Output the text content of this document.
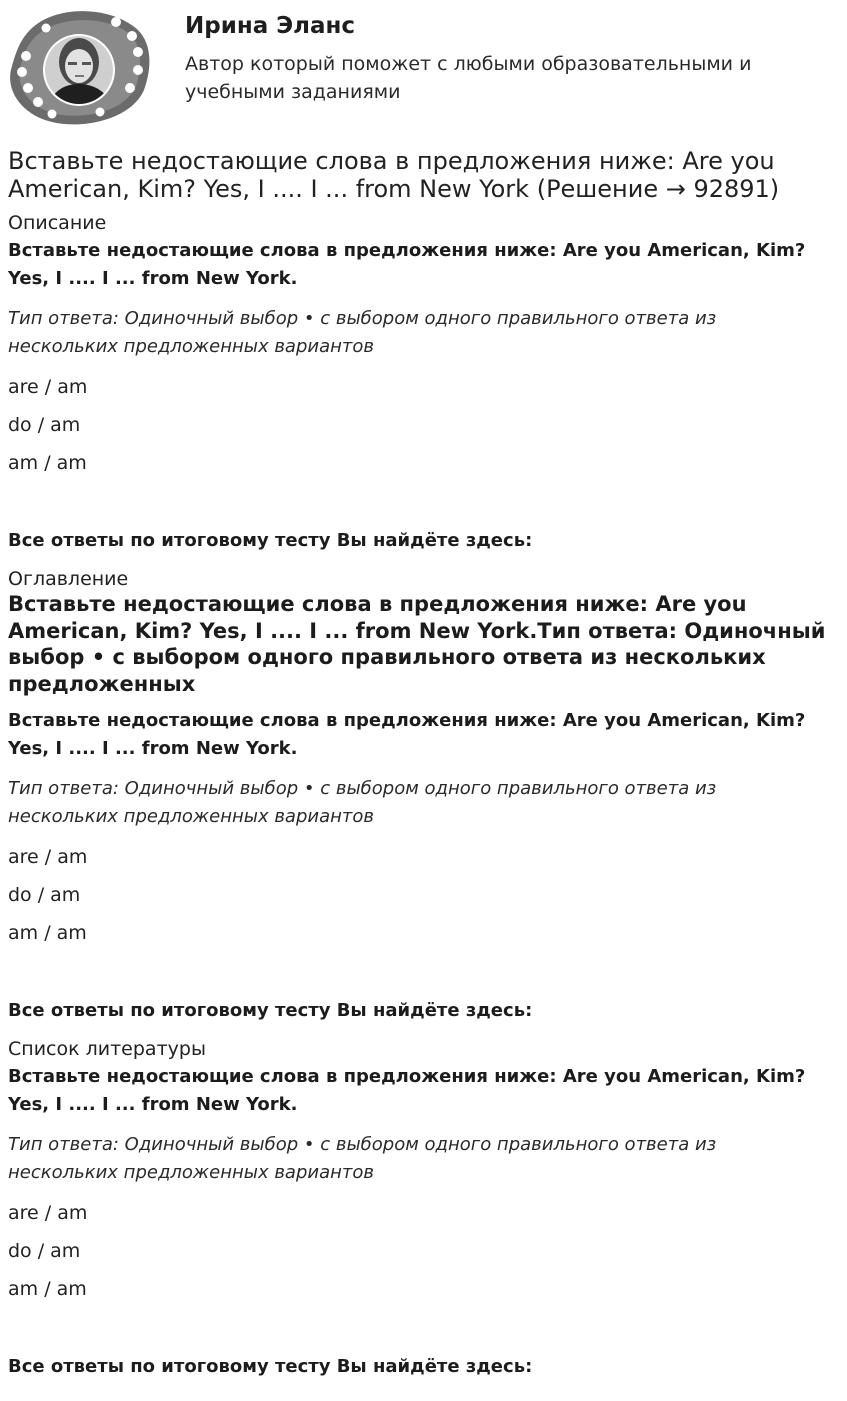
Ирина Эланс
Автор который поможет с любыми образовательными и учебными заданиями
Вставьте недостающие слова в предложения ниже: Are you American, Kim? Yes, I .... I ... from New York (Решение → 92891)
Описание
Вставьте недостающие слова в предложения ниже: Are you American, Kim? Yes, I .... I ... from New York.
Тип ответа: Одиночный выбор • с выбором одного правильного ответа из нескольких предложенных вариантов
are / am
do / am
am / am
Все ответы по итоговому тесту Вы найдёте здесь:
Оглавление
Вставьте недостающие слова в предложения ниже: Are you American, Kim? Yes, I .... I ... from New York.Тип ответа: Одиночный выбор • с выбором одного правильного ответа из нескольких предложенных
Вставьте недостающие слова в предложения ниже: Are you American, Kim? Yes, I .... I ... from New York.
Тип ответа: Одиночный выбор • с выбором одного правильного ответа из нескольких предложенных вариантов
are / am
do / am
am / am
Все ответы по итоговому тесту Вы найдёте здесь:
Список литературы
Вставьте недостающие слова в предложения ниже: Are you American, Kim? Yes, I .... I ... from New York.
Тип ответа: Одиночный выбор • с выбором одного правильного ответа из нескольких предложенных вариантов
are / am
do / am
am / am
Все ответы по итоговому тесту Вы найдёте здесь:
